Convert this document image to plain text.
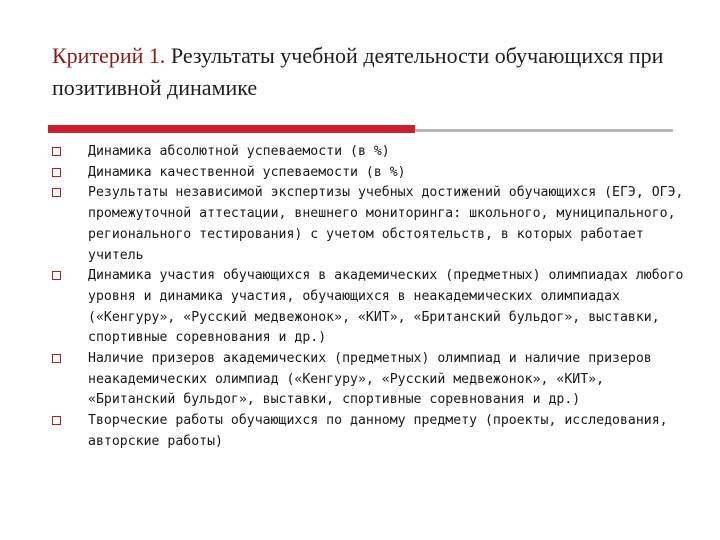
Критерий 1. Результаты учебной деятельности обучающихся при позитивной динамике
Динамика абсолютной успеваемости (в %)
Динамика качественной успеваемости (в %)
Результаты независимой экспертизы учебных достижений обучающихся (ЕГЭ, ОГЭ, промежуточной аттестации, внешнего мониторинга: школьного, муниципального, регионального тестирования) с учетом обстоятельств, в которых работает учитель
Динамика участия обучающихся в академических (предметных) олимпиадах любого уровня и динамика участия, обучающихся в неакадемических олимпиадах («Кенгуру», «Русский медвежонок», «КИТ», «Британский бульдог», выставки, спортивные соревнования и др.)
Наличие призеров академических (предметных) олимпиад и наличие призеров неакадемических олимпиад («Кенгуру», «Русский медвежонок», «КИТ», «Британский бульдог», выставки, спортивные соревнования и др.)
Творческие работы обучающихся по данному предмету (проекты, исследования, авторские работы)
